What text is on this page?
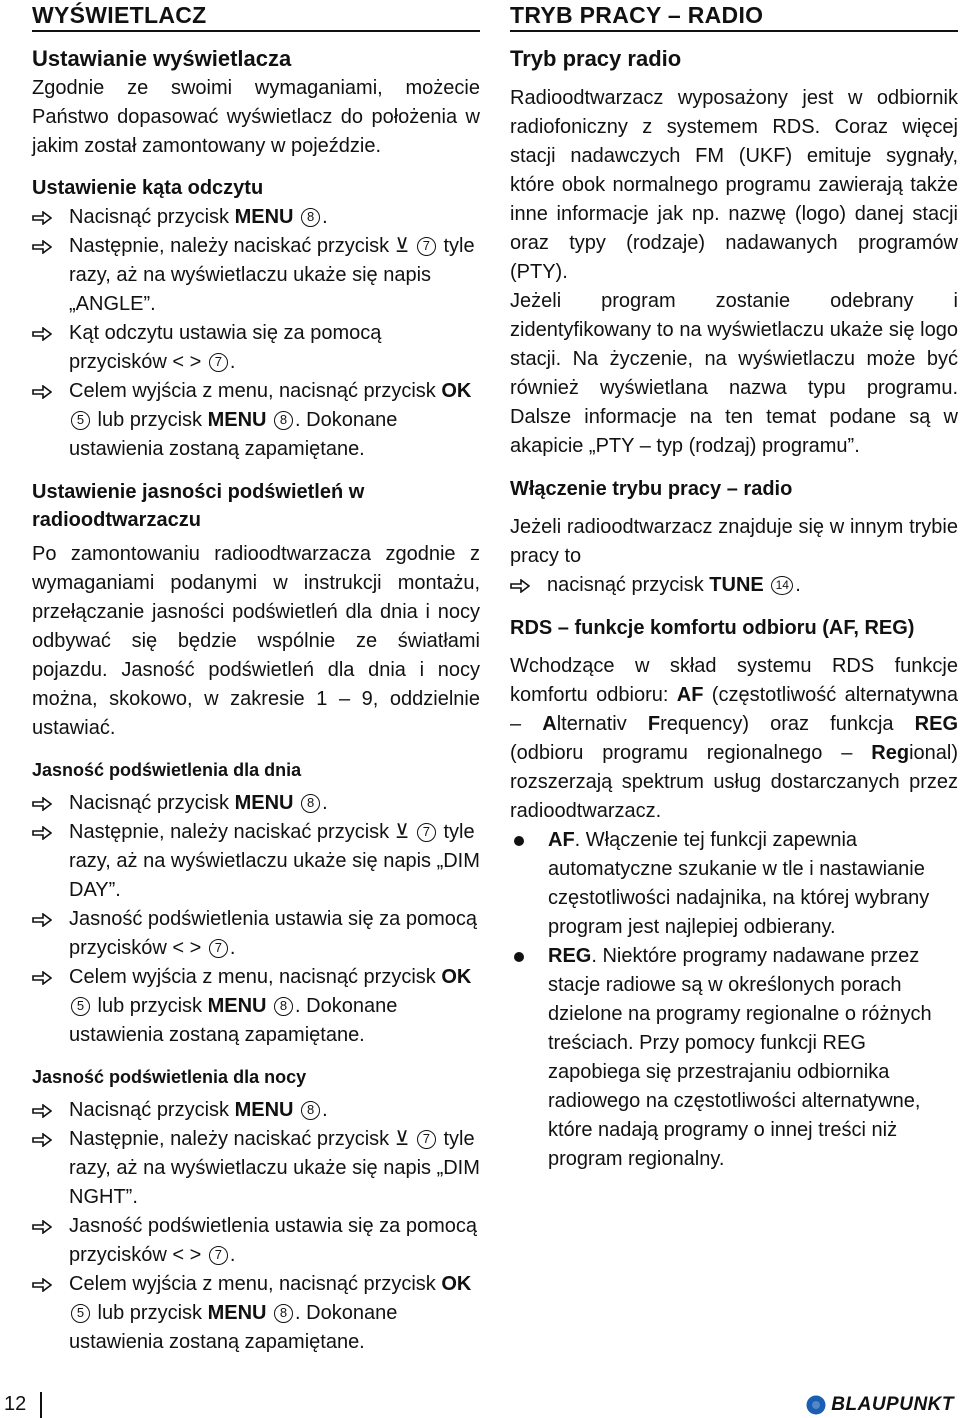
WYŚWIETLACZ
Ustawianie wyświetlacza

Zgodnie ze swoimi wymaganiami, możecie Państwo dopasować wyświetlacz do położenia w jakim został zamontowany w pojeździe.

Ustawienie kąta odczytu

Nacisnąć przycisk MENU	8 .

Następnie, należy naciskać przycisk ⊻ 7 tyle razy, aż na wyświetlaczu ukaże się napis „ANGLE”.

Kąt odczytu ustawia się za pomocą przycisków < > 7 .

Celem wyjścia z menu, nacisnąć przycisk OK
5 lub przycisk MENU	8 . Dokonane ustawienia zostaną zapamiętane.

Ustawienie jasności podświetleń w radioodtwarzaczu

Po zamontowaniu radioodtwarzacza zgodnie z wymaganiami podanymi w instrukcji montażu, przełączanie jasności podświetleń dla dnia i nocy odbywać się będzie wspólnie ze światłami pojazdu. Jasność podświetleń dla dnia i nocy można, skokowo, w zakresie 1 – 9, oddzielnie ustawiać.

Jasność podświetlenia dla dnia

Nacisnąć przycisk MENU	8 .

Następnie, należy naciskać przycisk ⊻ 7 tyle razy, aż na wyświetlaczu ukaże się napis „DIM DAY”.

Jasność podświetlenia ustawia się za pomocą przycisków < > 7 .

Celem wyjścia z menu, nacisnąć przycisk OK
5 lub przycisk MENU	8 . Dokonane ustawienia zostaną zapamiętane.

Jasność podświetlenia dla nocy

Nacisnąć przycisk MENU	8 .

Następnie, należy naciskać przycisk ⊻ 7 tyle razy, aż na wyświetlaczu ukaże się napis „DIM NGHT”.

Jasność podświetlenia ustawia się za pomocą przycisków < > 7 .

Celem wyjścia z menu, nacisnąć przycisk OK
5 lub przycisk MENU	8 . Dokonane ustawienia zostaną zapamiętane.

TRYB PRACY – RADIO
Tryb pracy radio

Radioodtwarzacz wyposażony jest w odbiornik radiofoniczny z systemem RDS. Coraz więcej stacji nadawczych FM (UKF) emituje sygnały, które obok normalnego programu zawierają także inne informacje jak np. nazwę (logo) danej stacji oraz typy (rodzaje) nadawanych programów (PTY).

Jeżeli program zostanie odebrany i zidentyfikowany to na wyświetlaczu ukaże się logo stacji. Na życzenie, na wyświetlaczu może być również wyświetlana nazwa typu programu. Dalsze informacje na ten temat podane są w akapicie „PTY – typ (rodzaj) programu”.

Włączenie trybu pracy – radio

Jeżeli radioodtwarzacz znajduje się w innym trybie pracy to

nacisnąć przycisk TUNE 14 .

RDS – funkcje komfortu odbioru (AF, REG)

Wchodzące w skład systemu RDS funkcje komfortu odbioru: AF (częstotliwość alternatywna – Alternativ Frequency) oraz funkcja REG (odbioru programu regionalnego – Regional) rozszerzają spektrum usług dostarczanych przez radioodtwarzacz.

AF. Włączenie tej funkcji zapewnia automatyczne szukanie w tle i nastawianie częstotliwości nadajnika, na której wybrany program jest najlepiej odbierany.

REG. Niektóre programy nadawane przez stacje radiowe są w określonych porach dzielone na programy regionalne o różnych treściach. Przy pomocy funkcji REG zapobiega się przestrajaniu odbiornika radiowego na częstotliwości alternatywne, które nadają programy o innej treści niż program regionalny.

12	BLAUPUNKT
